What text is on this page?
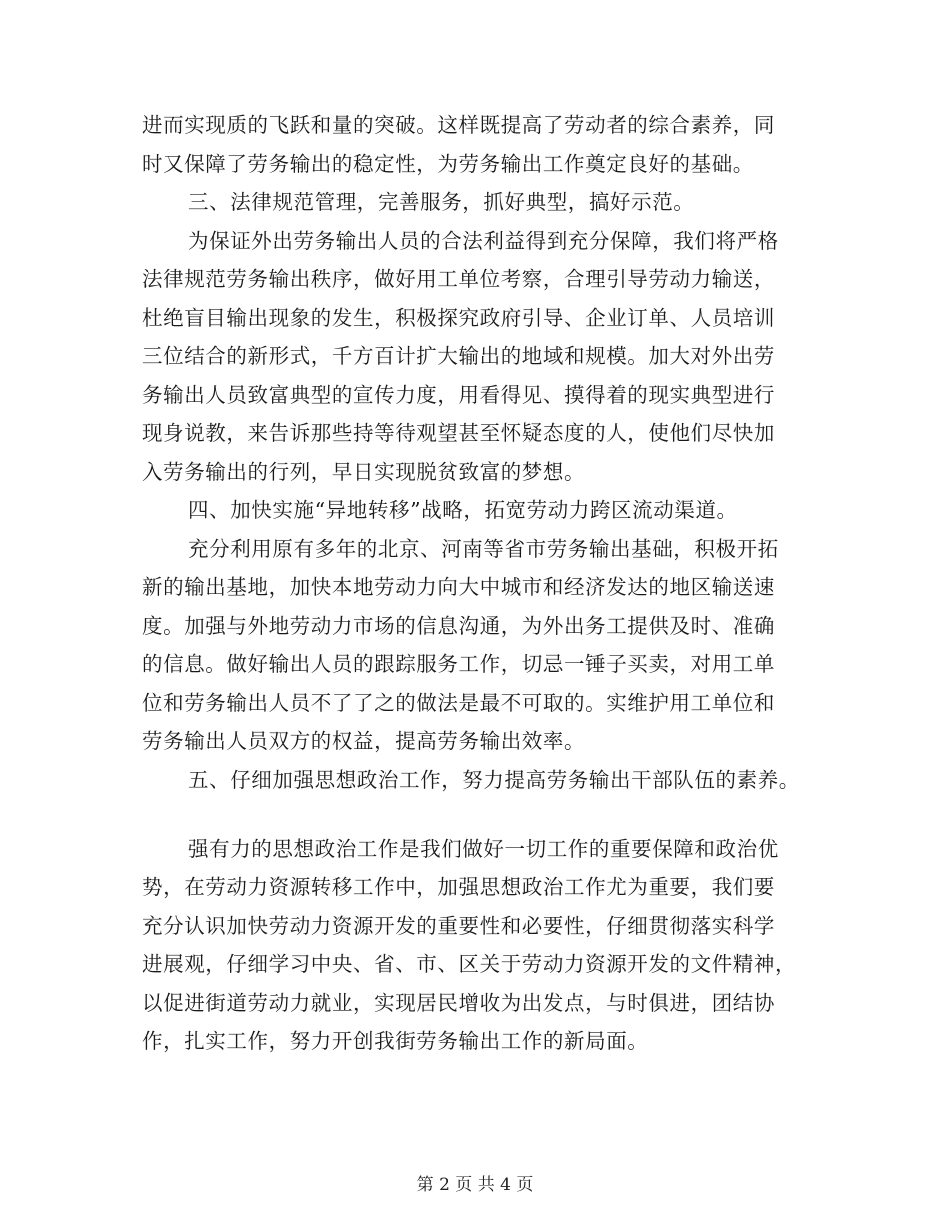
进而实现质的飞跃和量的突破。这样既提高了劳动者的综合素养，同
时又保障了劳务输出的稳定性，为劳务输出工作奠定良好的基础。
三、法律规范管理，完善服务，抓好典型，搞好示范。
为保证外出劳务输出人员的合法利益得到充分保障，我们将严格
法律规范劳务输出秩序，做好用工单位考察，合理引导劳动力输送，
杜绝盲目输出现象的发生，积极探究政府引导、企业订单、人员培训
三位结合的新形式，千方百计扩大输出的地域和规模。加大对外出劳
务输出人员致富典型的宣传力度，用看得见、摸得着的现实典型进行
现身说教，来告诉那些持等待观望甚至怀疑态度的人，使他们尽快加
入劳务输出的行列，早日实现脱贫致富的梦想。
四、加快实施“异地转移”战略，拓宽劳动力跨区流动渠道。
充分利用原有多年的北京、河南等省市劳务输出基础，积极开拓
新的输出基地，加快本地劳动力向大中城市和经济发达的地区输送速
度。加强与外地劳动力市场的信息沟通，为外出务工提供及时、准确
的信息。做好输出人员的跟踪服务工作，切忌一锤子买卖，对用工单
位和劳务输出人员不了了之的做法是最不可取的。实维护用工单位和
劳务输出人员双方的权益，提高劳务输出效率。
五、仔细加强思想政治工作，努力提高劳务输出干部队伍的素养。
强有力的思想政治工作是我们做好一切工作的重要保障和政治优
势，在劳动力资源转移工作中，加强思想政治工作尤为重要，我们要
充分认识加快劳动力资源开发的重要性和必要性，仔细贯彻落实科学
进展观，仔细学习中央、省、市、区关于劳动力资源开发的文件精神，
以促进街道劳动力就业，实现居民增收为出发点，与时俱进，团结协
作，扎实工作，努力开创我街劳务输出工作的新局面。
第 2 页 共 4 页
